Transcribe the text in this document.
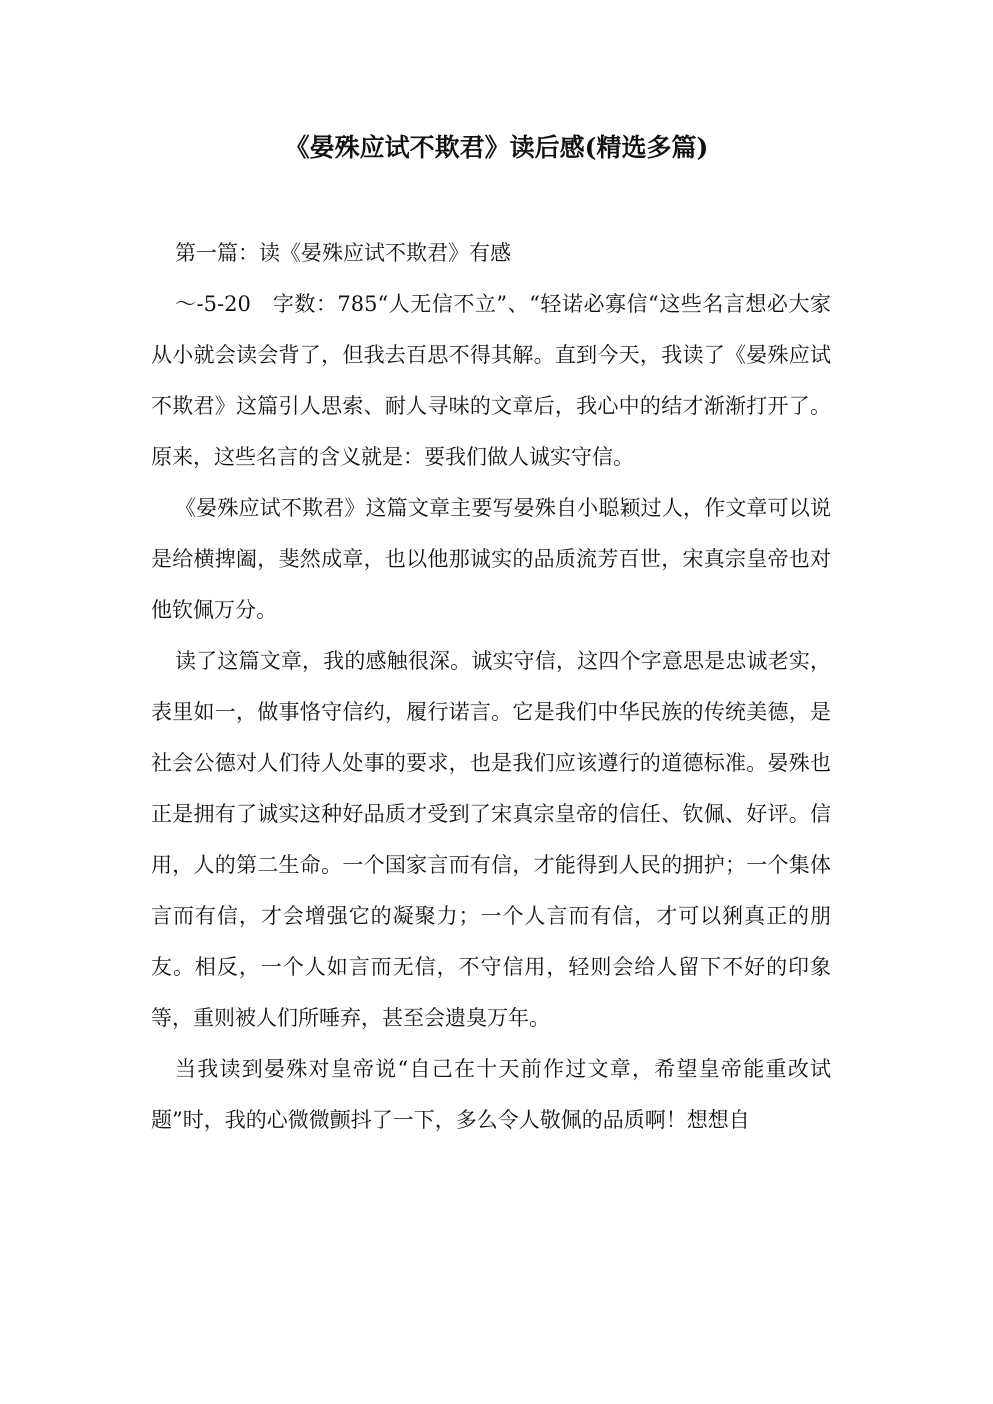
《晏殊应试不欺君》读后感(精选多篇)

第一篇：读《晏殊应试不欺君》有感

～-5-20　字数：785“人无信不立”、“轻诺必寡信“这些名言想必大家从小就会读会背了，但我去百思不得其解。直到今天，我读了《晏殊应试不欺君》这篇引人思索、耐人寻味的文章后，我心中的结才渐渐打开了。原来，这些名言的含义就是：要我们做人诚实守信。

《晏殊应试不欺君》这篇文章主要写晏殊自小聪颖过人，作文章可以说是给横捭阖，斐然成章，也以他那诚实的品质流芳百世，宋真宗皇帝也对他钦佩万分。

读了这篇文章，我的感触很深。诚实守信，这四个字意思是忠诚老实，表里如一，做事恪守信约，履行诺言。它是我们中华民族的传统美德，是社会公德对人们待人处事的要求，也是我们应该遵行的道德标准。晏殊也正是拥有了诚实这种好品质才受到了宋真宗皇帝的信任、钦佩、好评。信用，人的第二生命。一个国家言而有信，才能得到人民的拥护；一个集体言而有信，才会增强它的凝聚力；一个人言而有信，才可以猁真正的朋友。相反，一个人如言而无信，不守信用，轻则会给人留下不好的印象等，重则被人们所唾弃，甚至会遗臭万年。

当我读到晏殊对皇帝说“自己在十天前作过文章，希望皇帝能重改试题”时，我的心微微颤抖了一下，多么令人敬佩的品质啊！想想自
